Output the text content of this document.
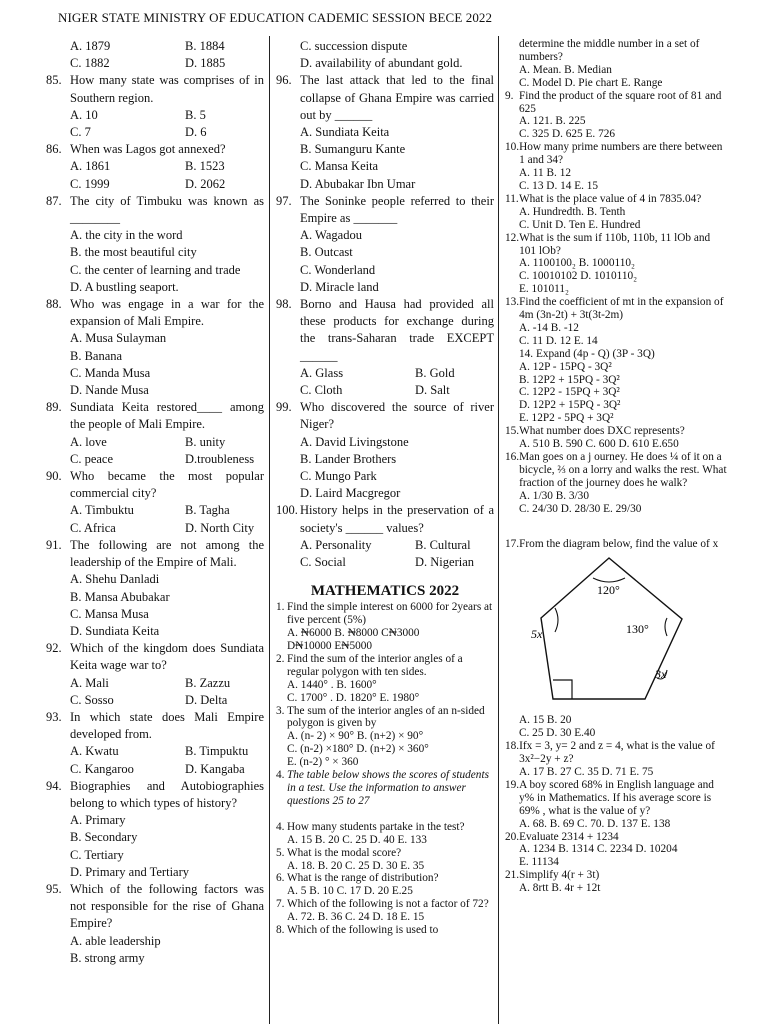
NIGER STATE MINISTRY OF EDUCATION CADEMIC SESSION BECE 2022
A. 1879	B. 1884
C. 1882	D. 1885
85. How many state was comprises of in Southern region.
A. 10	B. 5
C. 7	D. 6
86. When was Lagos got annexed?
A. 1861	B. 1523
C. 1999	D. 2062
87. The city of Timbuku was known as ________
A. the city in the word
B. the most beautiful city
C. the center of learning and trade
D. A bustling seaport.
88. Who was engage in a war for the expansion of Mali Empire.
A. Musa Sulayman
B. Banana
C. Manda Musa
D. Nande Musa
89. Sundiata Keita restored____ among the people of Mali Empire.
A. love	B. unity
C. peace	D.troubleness
90. Who became the most popular commercial city?
A. Timbuktu	B. Tagha
C. Africa	D. North City
91. The following are not among the leadership of the Empire of Mali.
A. Shehu Danladi
B. Mansa Abubakar
C. Mansa Musa
D. Sundiata Keita
92. Which of the kingdom does Sundiata Keita wage war to?
A. Mali	B. Zazzu
C. Sosso	D. Delta
93. In which state does Mali Empire developed from.
A. Kwatu	B. Timpuktu
C. Kangaroo	D. Kangaba
94. Biographies and Autobiographies belong to which types of history?
A. Primary
B. Secondary
C. Tertiary
D. Primary and Tertiary
95. Which of the following factors was not responsible for the rise of Ghana Empire?
A. able leadership
B. strong army
C. succession dispute
D. availability of abundant gold.
96. The last attack that led to the final collapse of Ghana Empire was carried out by ______
A. Sundiata Keita
B. Sumanguru Kante
C. Mansa Keita
D. Abubakar Ibn Umar
97. The Soninke people referred to their Empire as _______
A. Wagadou
B. Outcast
C. Wonderland
D. Miracle land
98. Borno and Hausa had provided all these products for exchange during the trans-Saharan trade EXCEPT ______
A. Glass	B. Gold
C. Cloth	D. Salt
99. Who discovered the source of river Niger?
A. David Livingstone
B. Lander Brothers
C. Mungo Park
D. Laird Macgregor
100. History helps in the preservation of a society's ______ values?
A. Personality	B. Cultural
C. Social	D. Nigerian
MATHEMATICS 2022
1. Find the simple interest on 6000 for 2years at five percent (5%)
A. ₦6000 B. ₦8000 C₦3000
D₦10000 E₦5000
2. Find the sum of the interior angles of a regular polygon with ten sides.
A. 1440° . B. 1600°
C. 1700° . D. 1820° E. 1980°
3. The sum of the interior angles of an n-sided polygon is given by
A. (n- 2) × 90° B. (n+2) × 90°
C. (n-2) ×180° D. (n+2) × 360°
E. (n-2) ° × 360
4. The table below shows the scores of students in a test. Use the information to answer questions 25 to 27
4. How many students partake in the test?
A. 15 B. 20 C. 25 D. 40 E. 133
5. What is the modal score?
A. 18. B. 20 C. 25 D. 30 E. 35
6. What is the range of distribution?
A. 5 B. 10 C. 17 D. 20 E.25
7. Which of the following is not a factor of 72?
A. 72. B. 36 C. 24 D. 18 E. 15
8. Which of the following is used to
determine the middle number in a set of numbers?
A. Mean. B. Median
C. Model D. Pie chart E. Range
9. Find the product of the square root of 81 and 625
A. 121. B. 225
C. 325 D. 625 E. 726
10. How many prime numbers are there between 1 and 34?
A. 11 B. 12
C. 13 D. 14 E. 15
11. What is the place value of 4 in 7835.04?
A. Hundredth. B. Tenth
C. Unit D. Ten E. Hundred
12. What is the sum if 110b, 110b, 11 lOb and 101 lOb?
A. 1100100₂ B. 1000110₂
C. 10010102 D. 1010110₂
E. 101011₂
13. Find the coefficient of mt in the expansion of 4m (3n-2t) + 3t(3t-2m)
A. -14 B. -12
C. 11 D. 12 E. 14
14. Expand (4p - Q) (3P - 3Q)
A. 12P - 15PQ - 3Q²
B. 12P2 + 15PQ - 3Q²
C. 12P2 - 15PQ + 3Q²
D. 12P2 + 15PQ - 3Q²
E. 12P2 - 5PQ + 3Q²
15. What number does DXC represents?
A. 510 B. 590 C. 600 D. 610 E.650
16. Man goes on a j ourney. He does ¼ of it on a bicycle, ⅔ on a lorry and walks the rest. What fraction of the journey does he walk?
A. 1/30 B. 3/30
C. 24/30 D. 28/30 E. 29/30
17. From the diagram below, find the value of x
120°
130°
5x
3x
A. 15 B. 20
C. 25 D. 30 E.40
18. Ifx = 3, y= 2 and z = 4, what is the value of 3x²−2y + z?
A. 17 B. 27 C. 35 D. 71 E. 75
19. A boy scored 68% in English language and y% in Mathematics. If his average score is 69% , what is the value of y?
A. 68. B. 69 C. 70. D. 137 E. 138
20. Evaluate 2314 + 1234
A. 1234 B. 1314 C. 2234 D. 10204
E. 11134
21. Simplify 4(r + 3t)
A. 8rtt B. 4r + 12t
